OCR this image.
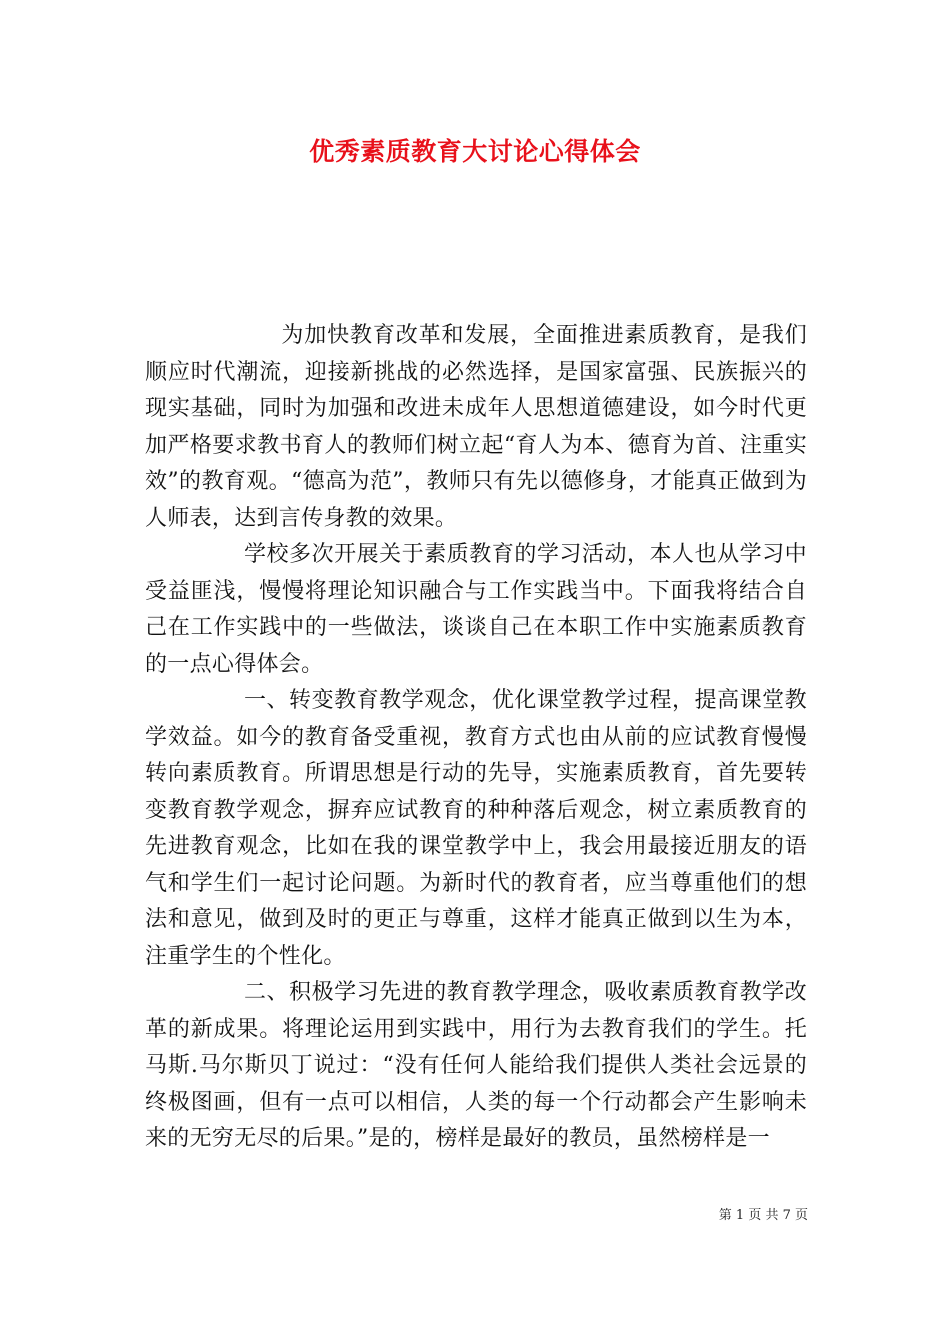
优秀素质教育大讨论心得体会

为加快教育改革和发展，全面推进素质教育，是我们顺应时代潮流，迎接新挑战的必然选择，是国家富强、民族振兴的现实基础，同时为加强和改进未成年人思想道德建设，如今时代更加严格要求教书育人的教师们树立起“育人为本、德育为首、注重实效”的教育观。“德高为范”，教师只有先以德修身，才能真正做到为人师表，达到言传身教的效果。

学校多次开展关于素质教育的学习活动，本人也从学习中受益匪浅，慢慢将理论知识融合与工作实践当中。下面我将结合自己在工作实践中的一些做法，谈谈自己在本职工作中实施素质教育的一点心得体会。

一、转变教育教学观念，优化课堂教学过程，提高课堂教学效益。如今的教育备受重视，教育方式也由从前的应试教育慢慢转向素质教育。所谓思想是行动的先导，实施素质教育，首先要转变教育教学观念，摒弃应试教育的种种落后观念，树立素质教育的先进教育观念，比如在我的课堂教学中上，我会用最接近朋友的语气和学生们一起讨论问题。为新时代的教育者，应当尊重他们的想法和意见，做到及时的更正与尊重，这样才能真正做到以生为本，注重学生的个性化。

二、积极学习先进的教育教学理念，吸收素质教育教学改革的新成果。将理论运用到实践中，用行为去教育我们的学生。托马斯.马尔斯贝丁说过：“没有任何人能给我们提供人类社会远景的终极图画，但有一点可以相信，人类的每一个行动都会产生影响未来的无穷无尽的后果。”是的，榜样是最好的教员，虽然榜样是一

第 1 页 共 7 页
